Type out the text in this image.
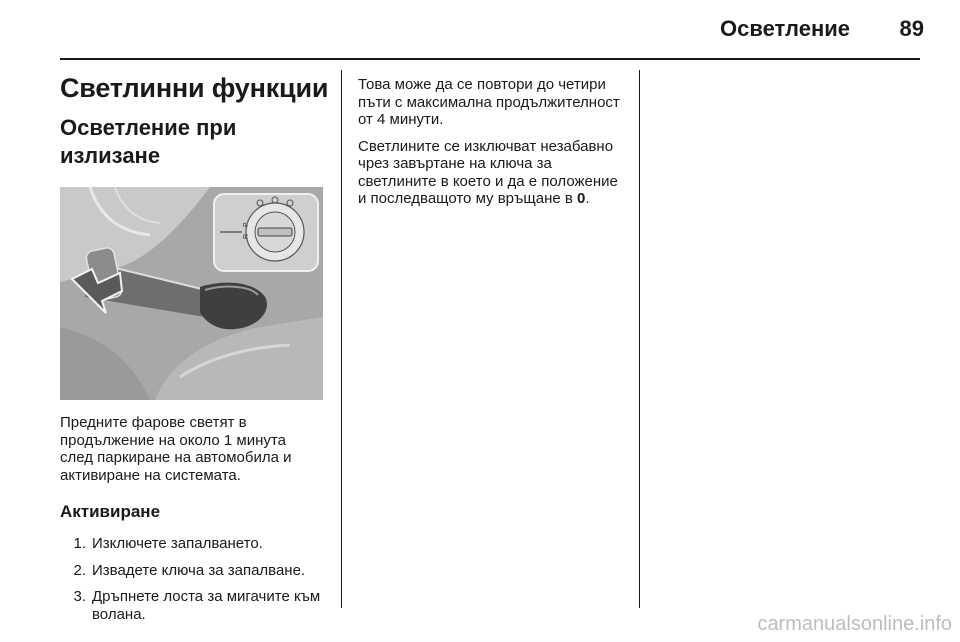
Осветление	89
Светлинни функции
Осветление при излизане
P
R

Предните фарове светят в продължение на около 1 минута след паркиране на автомобила и активиране на системата.

Активиране
1. Изключете запалването.
2. Извадете ключа за запалване.
3. Дръпнете лоста за мигачите към волана.

Това може да се повтори до четири пъти с максимална продължителност от 4 минути.

Светлините се изключват незабавно чрез завъртане на ключа за светлините в което и да е положение и последващото му връщане в 0.

carmanualsonline.info
